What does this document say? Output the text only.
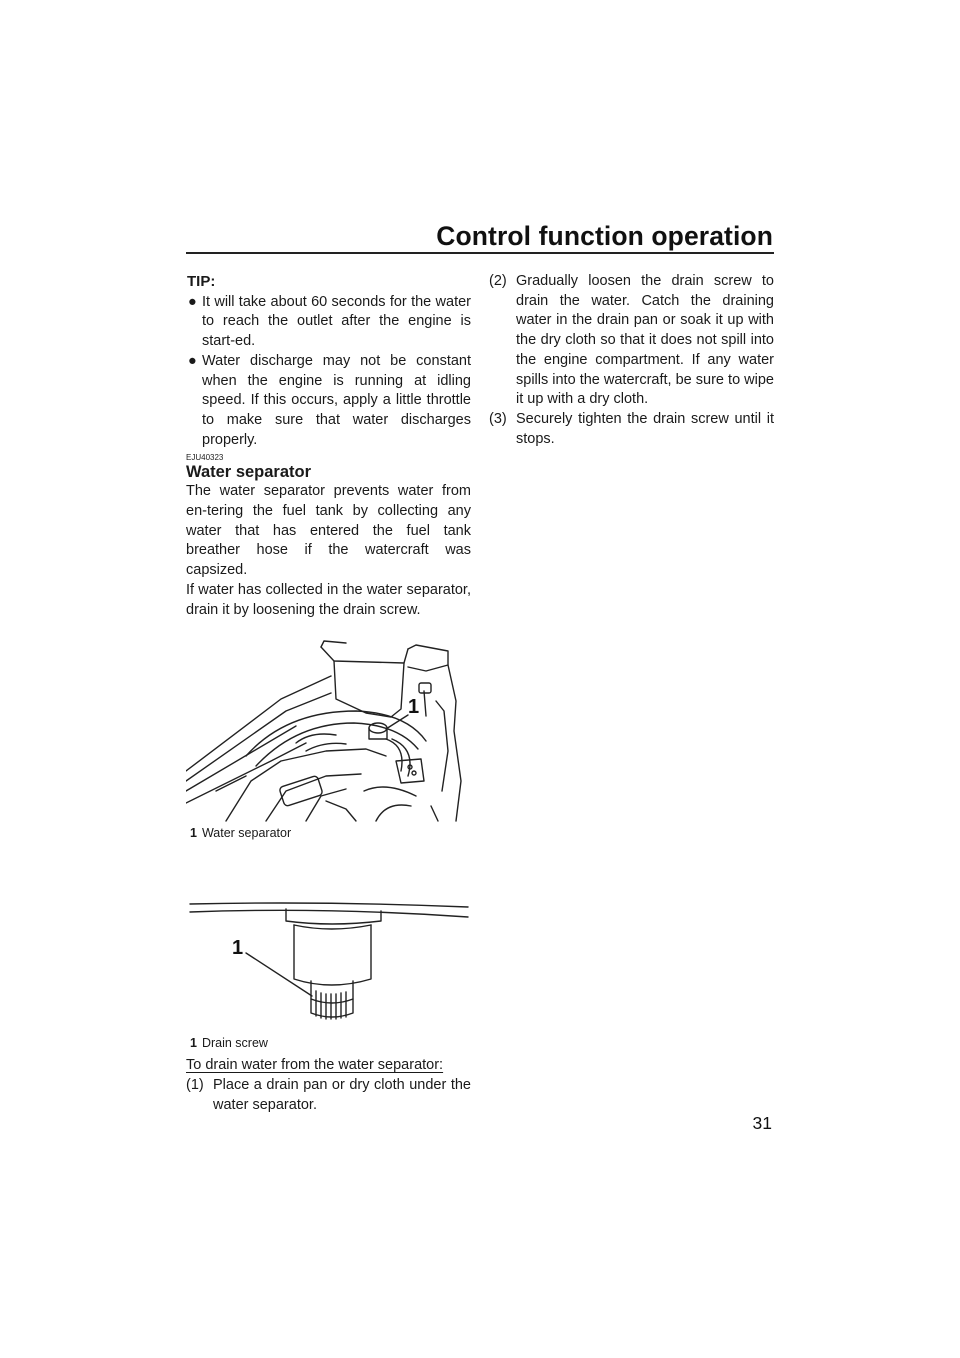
Control function operation
TIP:
● It will take about 60 seconds for the water to reach the outlet after the engine is start-ed.
● Water discharge may not be constant when the engine is running at idling speed. If this occurs, apply a little throttle to make sure that water discharges properly.
EJU40323
Water separator
The water separator prevents water from en-tering the fuel tank by collecting any water that has entered the fuel tank breather hose if the watercraft was capsized.
If water has collected in the water separator, drain it by loosening the drain screw.
1
1 Water separator
1
1 Drain screw
To drain water from the water separator:
(1) Place a drain pan or dry cloth under the water separator.
(2) Gradually loosen the drain screw to drain the water. Catch the draining water in the drain pan or soak it up with the dry cloth so that it does not spill into the engine compartment. If any water spills into the watercraft, be sure to wipe it up with a dry cloth.
(3) Securely tighten the drain screw until it stops.
31
